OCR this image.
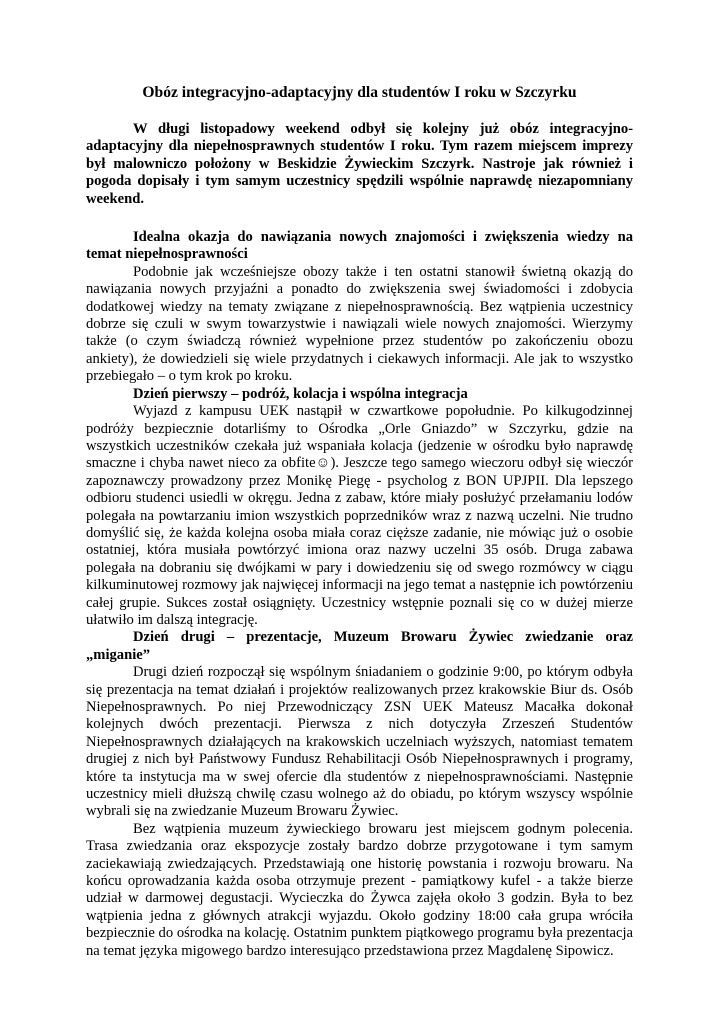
Obóz integracyjno-adaptacyjny dla studentów I roku w Szczyrku

W długi listopadowy weekend odbył się kolejny już obóz integracyjno-adaptacyjny dla niepełnosprawnych studentów I roku. Tym razem miejscem imprezy był malowniczo położony w Beskidzie Żywieckim Szczyrk. Nastroje jak również i pogoda dopisały i tym samym uczestnicy spędzili wspólnie naprawdę niezapomniany weekend.

Idealna okazja do nawiązania nowych znajomości i zwiększenia wiedzy na temat niepełnosprawności

Podobnie jak wcześniejsze obozy także i ten ostatni stanowił świetną okazją do nawiązania nowych przyjaźni a ponadto do zwiększenia swej świadomości i zdobycia dodatkowej wiedzy na tematy związane z niepełnosprawnością. Bez wątpienia uczestnicy dobrze się czuli w swym towarzystwie i nawiązali wiele nowych znajomości. Wierzymy także (o czym świadczą również wypełnione przez studentów po zakończeniu obozu ankiety), że dowiedzieli się wiele przydatnych i ciekawych informacji. Ale jak to wszystko przebiegało – o tym krok po kroku.

Dzień pierwszy – podróż, kolacja i wspólna integracja

Wyjazd z kampusu UEK nastąpił w czwartkowe popołudnie. Po kilkugodzinnej podróży bezpiecznie dotarliśmy to Ośrodka „Orle Gniazdo” w Szczyrku, gdzie na wszystkich uczestników czekała już wspaniała kolacja (jedzenie w ośrodku było naprawdę smaczne i chyba nawet nieco za obfite☺). Jeszcze tego samego wieczoru odbył się wieczór zapoznawczy prowadzony przez Monikę Piegę - psycholog z BON UPJPII. Dla lepszego odbioru studenci usiedli w okręgu. Jedna z zabaw, które miały posłużyć przełamaniu lodów polegała na powtarzaniu imion wszystkich poprzedników wraz z nazwą uczelni. Nie trudno domyślić się, że każda kolejna osoba miała coraz cięższe zadanie, nie mówiąc już o osobie ostatniej, która musiała powtórzyć imiona oraz nazwy uczelni 35 osób. Druga zabawa polegała na dobraniu się dwójkami w pary i dowiedzeniu się od swego rozmówcy w ciągu kilkuminutowej rozmowy jak najwięcej informacji na jego temat a następnie ich powtórzeniu całej grupie. Sukces został osiągnięty. Uczestnicy wstępnie poznali się co w dużej mierze ułatwiło im dalszą integrację.

Dzień drugi – prezentacje, Muzeum Browaru Żywiec zwiedzanie oraz „miganie”

Drugi dzień rozpoczął się wspólnym śniadaniem o godzinie 9:00, po którym odbyła się prezentacja na temat działań i projektów realizowanych przez krakowskie Biur ds. Osób Niepełnosprawnych. Po niej Przewodniczący ZSN UEK Mateusz Macałka dokonał kolejnych dwóch prezentacji. Pierwsza z nich dotyczyła Zrzeszeń Studentów Niepełnosprawnych działających na krakowskich uczelniach wyższych, natomiast tematem drugiej z nich był Państwowy Fundusz Rehabilitacji Osób Niepełnosprawnych i programy, które ta instytucja ma w swej ofercie dla studentów z niepełnosprawnościami. Następnie uczestnicy mieli dłuższą chwilę czasu wolnego aż do obiadu, po którym wszyscy wspólnie wybrali się na zwiedzanie Muzeum Browaru Żywiec.

Bez wątpienia muzeum żywieckiego browaru jest miejscem godnym polecenia. Trasa zwiedzania oraz ekspozycje zostały bardzo dobrze przygotowane i tym samym zaciekawiają zwiedzających. Przedstawiają one historię powstania i rozwoju browaru. Na końcu oprowadzania każda osoba otrzymuje prezent - pamiątkowy kufel - a także bierze udział w darmowej degustacji. Wycieczka do Żywca zajęła około 3 godzin. Była to bez wątpienia jedna z głównych atrakcji wyjazdu. Około godziny 18:00 cała grupa wróciła bezpiecznie do ośrodka na kolację. Ostatnim punktem piątkowego programu była prezentacja na temat języka migowego bardzo interesująco przedstawiona przez Magdalenę Sipowicz.
